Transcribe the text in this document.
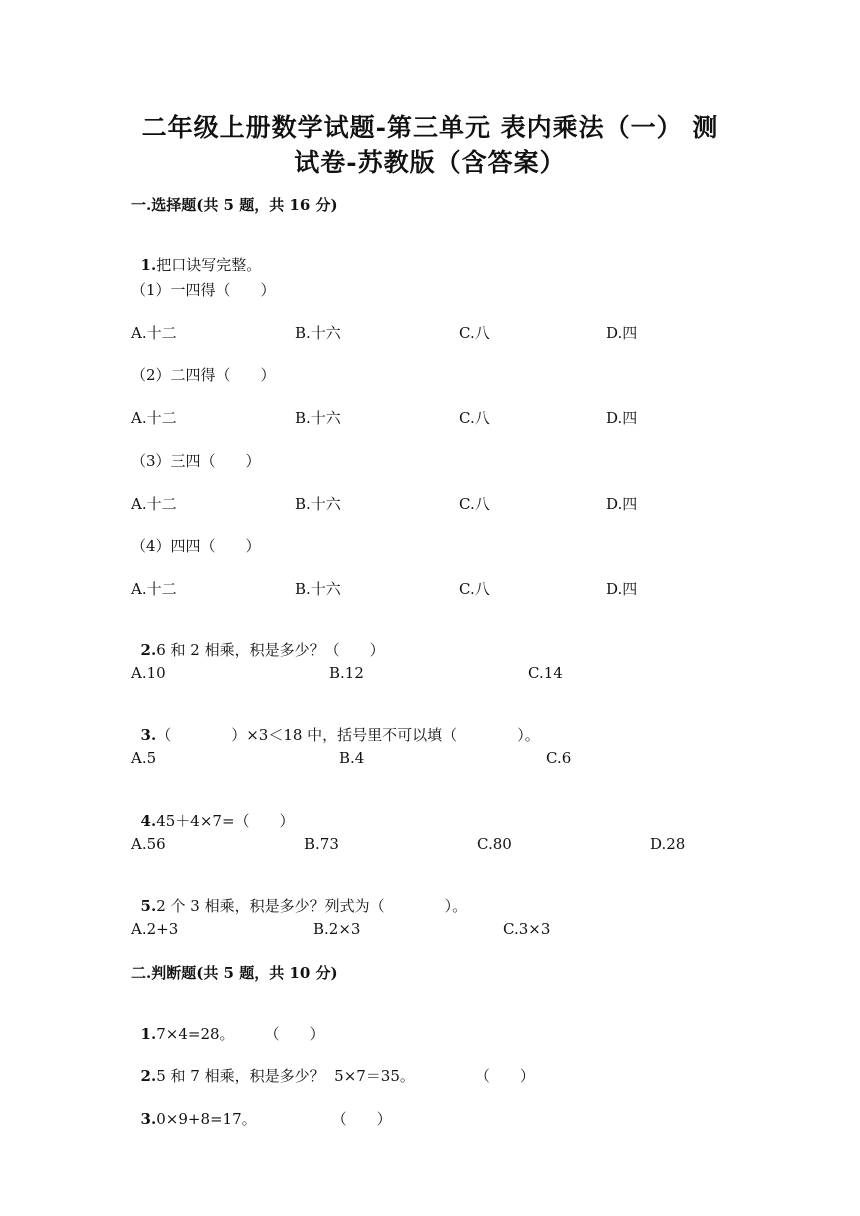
二年级上册数学试题-第三单元 表内乘法（一） 测
试卷-苏教版（含答案）
一.选择题(共 5 题，共 16 分)

1.把口诀写完整。

（1）一四得（　　）
A.十二	B.十六	C.八	D.四
（2）二四得（　　）
A.十二	B.十六	C.八	D.四
（3）三四（　　）
A.十二	B.十六	C.八	D.四
（4）四四（　　）
A.十二	B.十六	C.八	D.四

2.6 和 2 相乘，积是多少？（　　）

A.10	B.12	C.14

3.（　　　　）×3＜18 中，括号里不可以填（　　　　）。

A.5	B.4	C.6

4.45＋4×7=（　　）

A.56	B.73	C.80	D.28

5.2 个 3 相乘，积是多少？列式为（　　　　）。

A.2+3	B.2×3	C.3×3
二.判断题(共 5 题，共 10 分)

1.7×4=28。　　　（　　）

2.5 和 7 相乘，积是多少？  5×7＝35。　　　　　（　　）

3.0×9+8=17。　　　　　　（　　）
